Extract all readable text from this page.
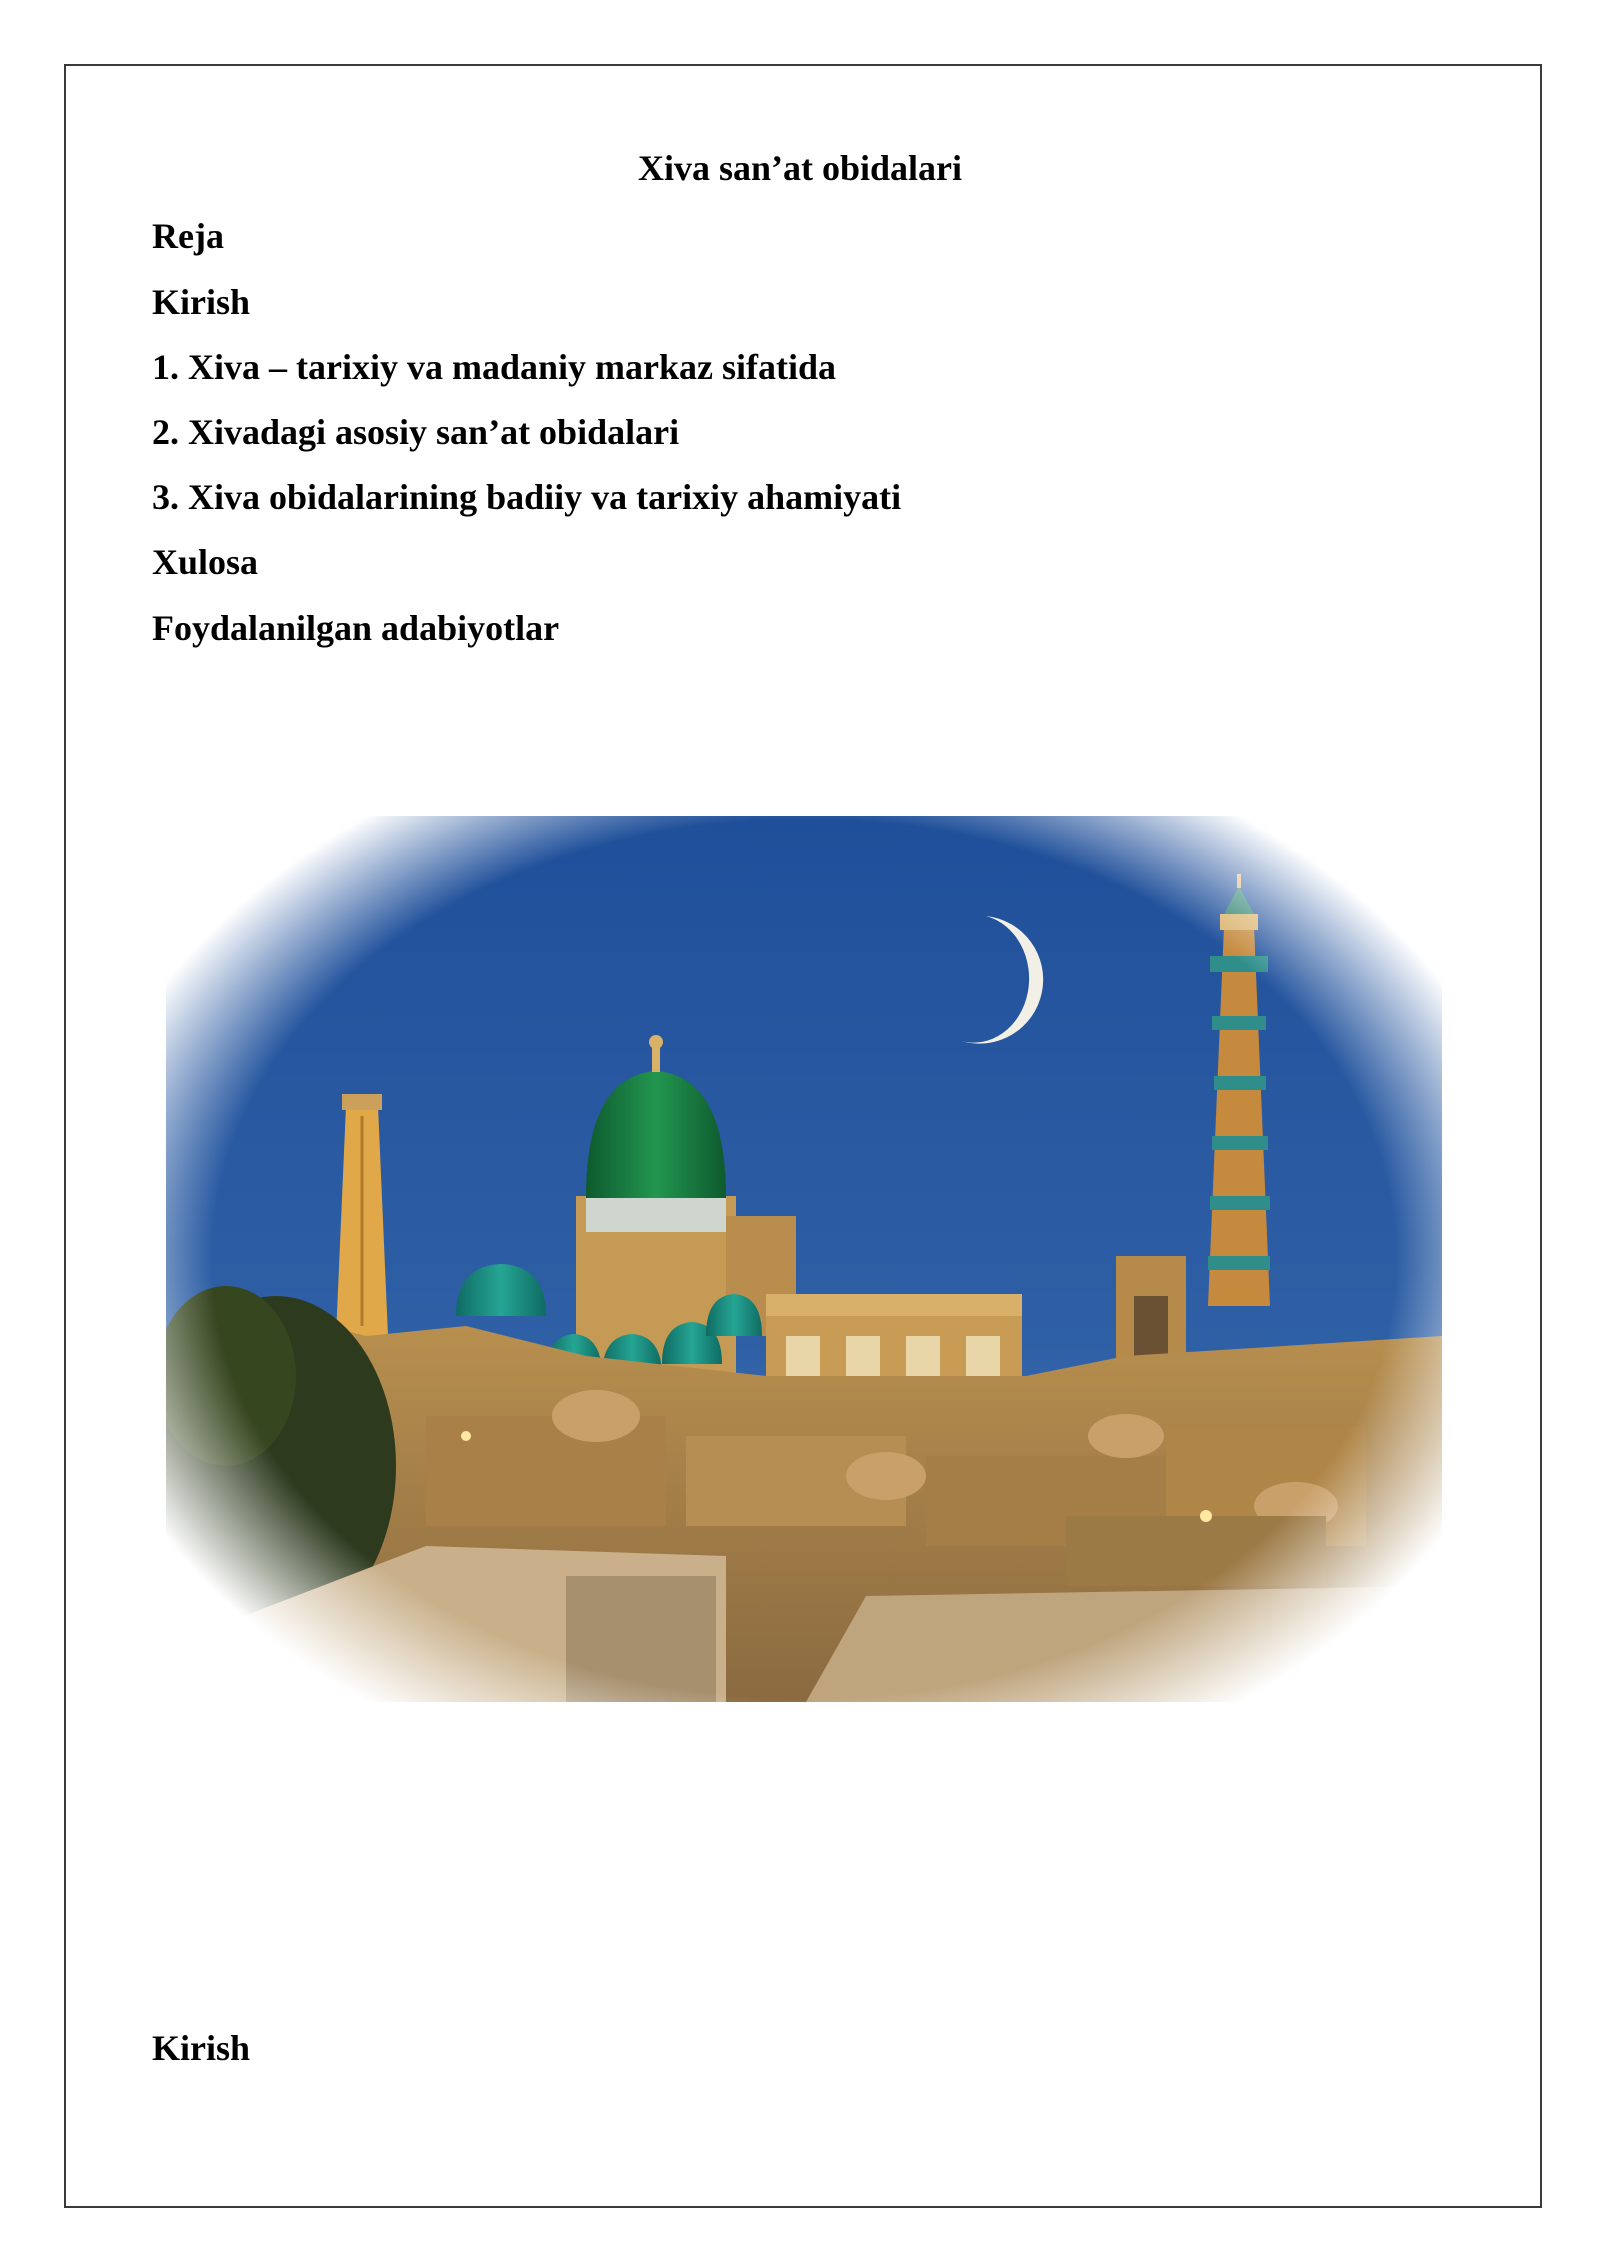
Xiva san’at obidalari
Reja
Kirish
1. Xiva – tarixiy va madaniy markaz sifatida
2. Xivadagi asosiy san’at obidalari
3. Xiva obidalarining badiiy va tarixiy ahamiyati
Xulosa
Foydalanilgan adabiyotlar
Kirish
